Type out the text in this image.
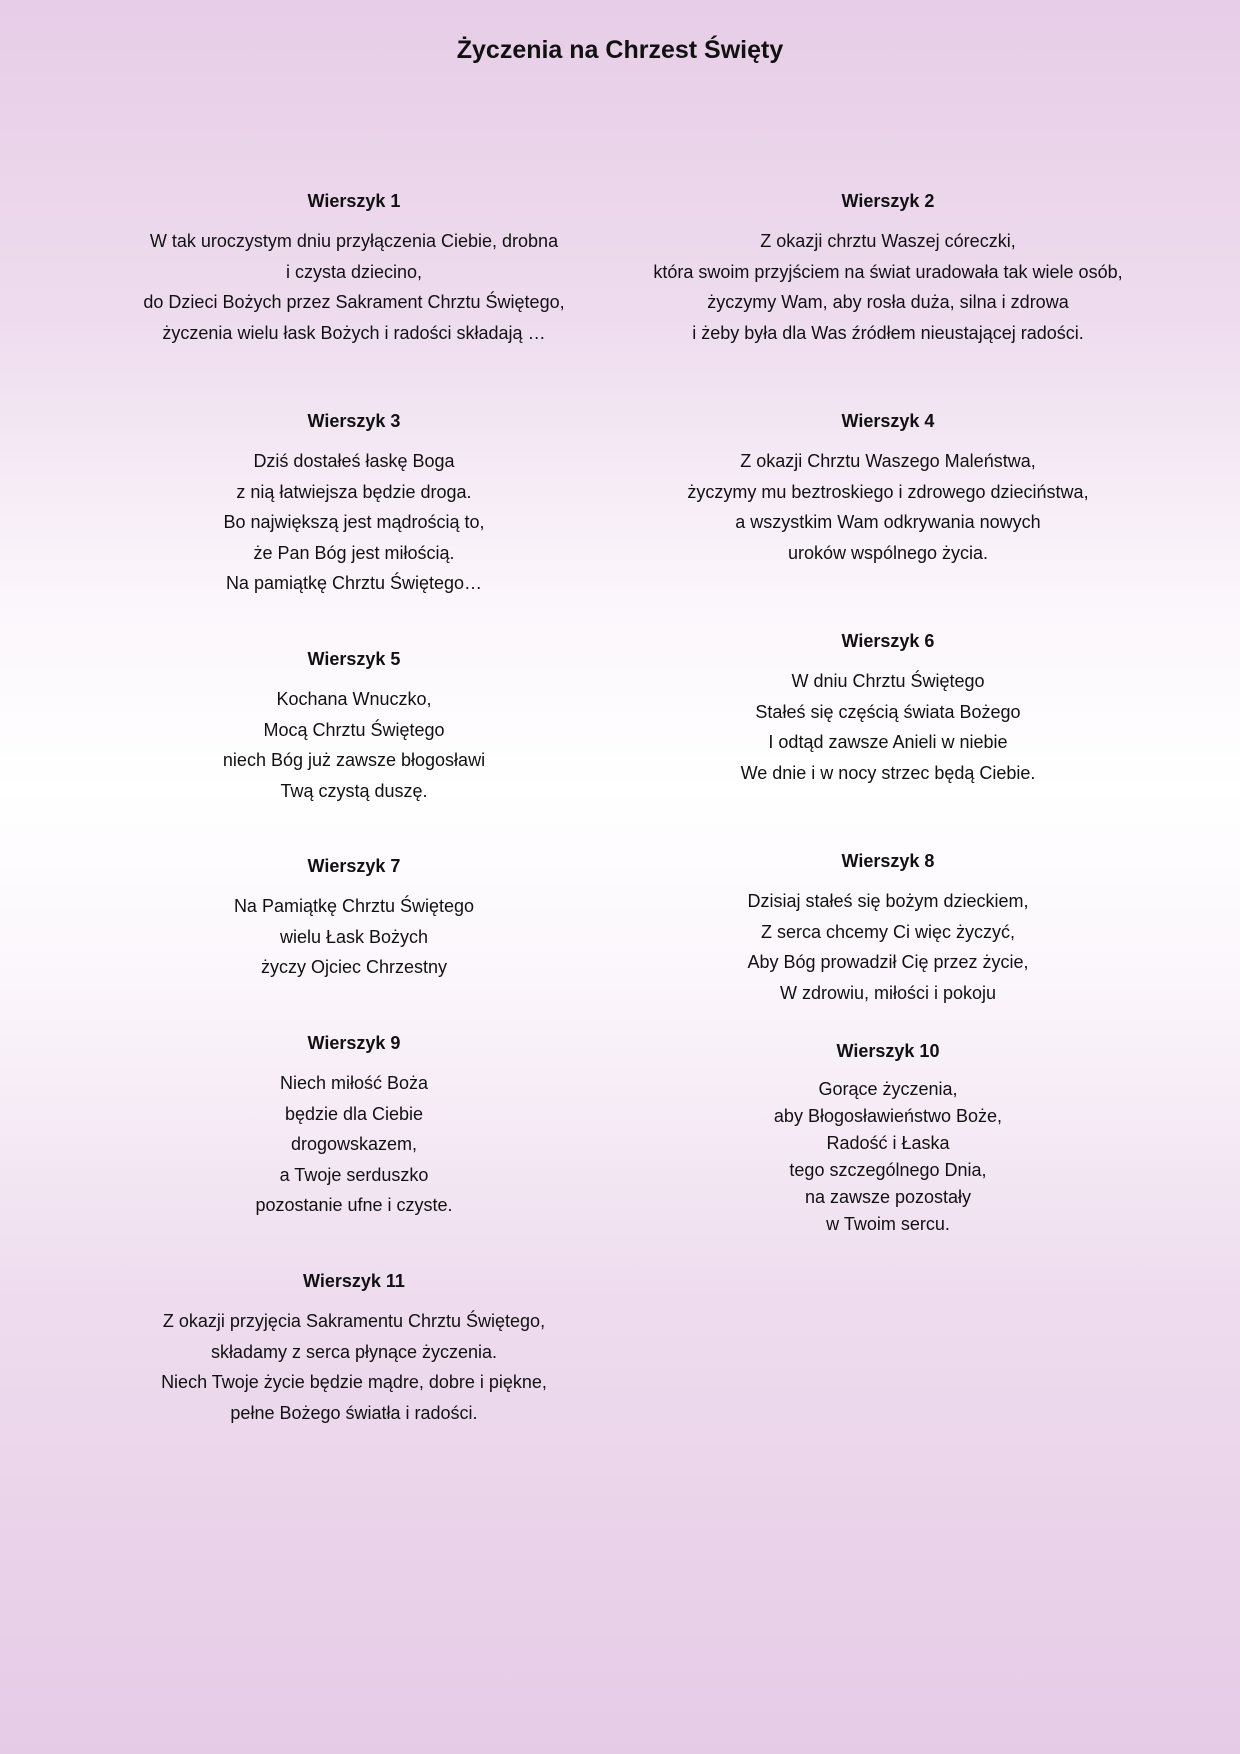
Życzenia na Chrzest Święty
Wierszyk 1

W tak uroczystym dniu przyłączenia Ciebie, drobna

i czysta dziecino,

do Dzieci Bożych przez Sakrament Chrztu Świętego,

życzenia wielu łask Bożych i radości składają …

Wierszyk 2

Z okazji chrztu Waszej córeczki,

która swoim przyjściem na świat uradowała tak wiele osób,

życzymy Wam, aby rosła duża, silna i zdrowa

i żeby była dla Was źródłem nieustającej radości.

Wierszyk 3

Dziś dostałeś łaskę Boga

z nią łatwiejsza będzie droga.

Bo największą jest mądrością to,

że Pan Bóg jest miłością.

Na pamiątkę Chrztu Świętego…

Wierszyk 4

Z okazji Chrztu Waszego Maleństwa,

życzymy mu beztroskiego i zdrowego dzieciństwa,

a wszystkim Wam odkrywania nowych

uroków wspólnego życia.

Wierszyk 5

Kochana Wnuczko,

Mocą Chrztu Świętego

niech Bóg już zawsze błogosławi

Twą czystą duszę.

Wierszyk 6

W dniu Chrztu Świętego

Stałeś się częścią świata Bożego

I odtąd zawsze Anieli w niebie

We dnie i w nocy strzec będą Ciebie.

Wierszyk 7

Na Pamiątkę Chrztu Świętego

wielu Łask Bożych

życzy Ojciec Chrzestny

Wierszyk 8

Dzisiaj stałeś się bożym dzieckiem,

Z serca chcemy Ci więc życzyć,

Aby Bóg prowadził Cię przez życie,

W zdrowiu, miłości i pokoju

Wierszyk 9

Niech miłość Boża

będzie dla Ciebie

drogowskazem,

a Twoje serduszko

pozostanie ufne i czyste.

Wierszyk 10

Gorące życzenia,

aby Błogosławieństwo Boże,

Radość i Łaska

tego szczególnego Dnia,

na zawsze pozostały

w Twoim sercu.

Wierszyk 11

Z okazji przyjęcia Sakramentu Chrztu Świętego,

składamy z serca płynące życzenia.

Niech Twoje życie będzie mądre, dobre i piękne,

pełne Bożego światła i radości.
